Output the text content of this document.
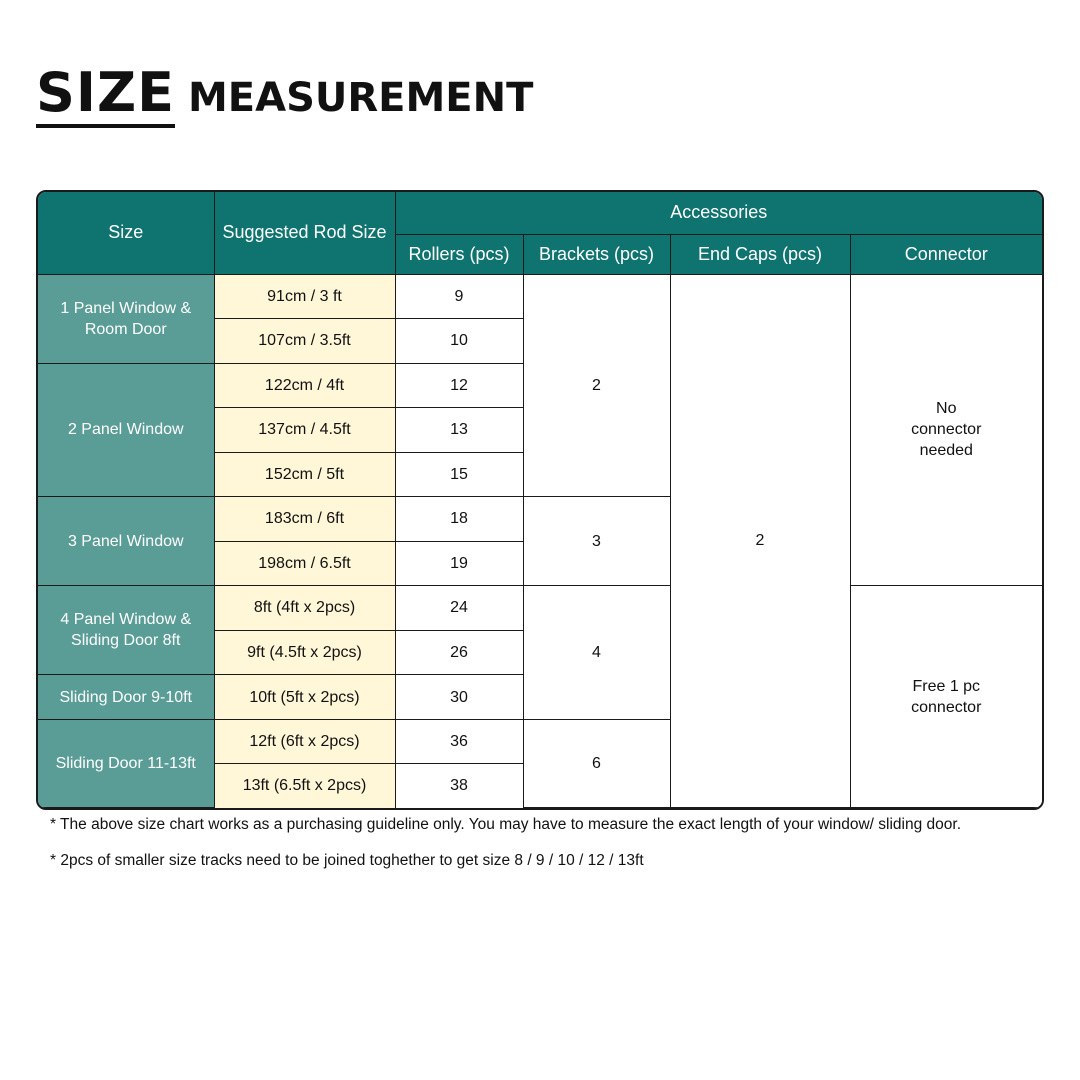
SIZE MEASUREMENT
Size	Suggested Rod Size	Accessories			
		Rollers (pcs)	Brackets (pcs)	End Caps (pcs)	Connector
1 Panel Window & Room Door	91cm / 3 ft	9	2	2	No connector needed

	107cm / 3.5ft	10			
2 Panel Window	122cm / 4ft	12			
	137cm / 4.5ft	13			
	152cm / 5ft	15			
3 Panel Window	183cm / 6ft	18	3		
	198cm / 6.5ft	19			
4 Panel Window & Sliding Door 8ft	8ft (4ft x 2pcs)	24	4		Free 1 pc connector

	9ft (4.5ft x 2pcs)	26			
Sliding Door 9-10ft	10ft (5ft x 2pcs)	30			
Sliding Door 11-13ft	12ft (6ft x 2pcs)	36	6		
	13ft (6.5ft x 2pcs)	38			
* The above size chart works as a purchasing guideline only. You may have to measure the exact length of your window/ sliding door.
* 2pcs of smaller size tracks need to be joined toghether to get size 8 / 9 / 10 / 12 / 13ft
